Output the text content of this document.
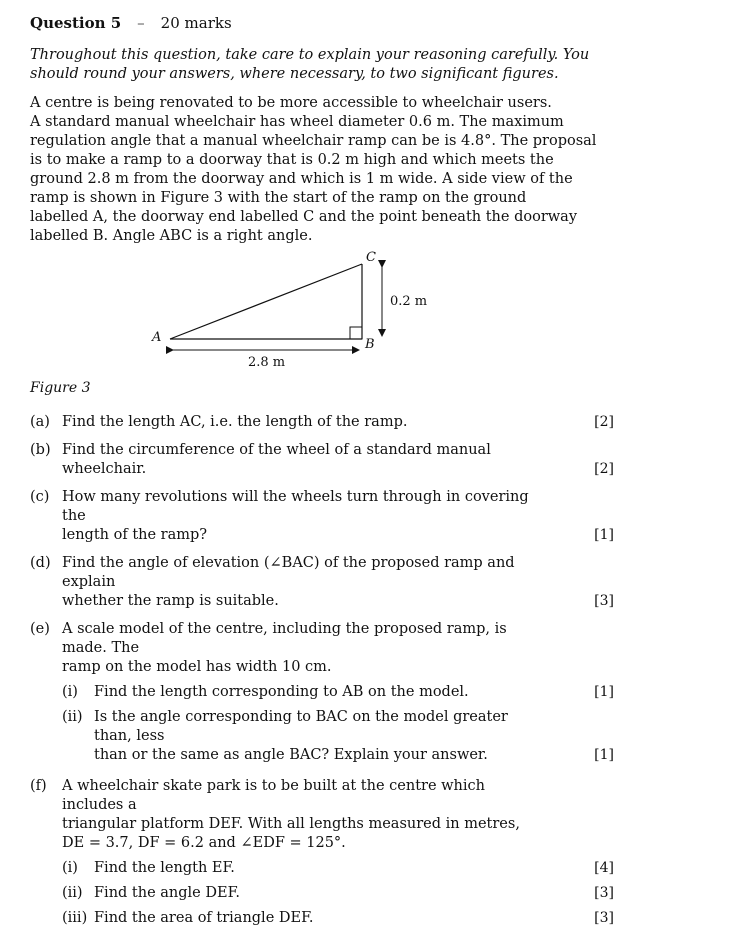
Question 5 – 20 marks
Throughout this question, take care to explain your reasoning carefully. You
should round your answers, where necessary, to two significant figures.
A centre is being renovated to be more accessible to wheelchair users.
A standard manual wheelchair has wheel diameter 0.6 m. The maximum
regulation angle that a manual wheelchair ramp can be is 4.8°. The proposal
is to make a ramp to a doorway that is 0.2 m high and which meets the
ground 2.8 m from the doorway and which is 1 m wide. A side view of the
ramp is shown in Figure 3 with the start of the ramp on the ground
labelled A, the doorway end labelled C and the point beneath the doorway
labelled B. Angle ABC is a right angle.
A	B
C
0.2 m
2.8 m
Figure 3
(a) Find the length AC, i.e. the length of the ramp.	[2]
(b) Find the circumference of the wheel of a standard manual wheelchair.	[2]
(c) How many revolutions will the wheels turn through in covering the
length of the ramp?	[1]
(d) Find the angle of elevation (∠BAC) of the proposed ramp and explain
whether the ramp is suitable.	[3]
(e) A scale model of the centre, including the proposed ramp, is made. The
ramp on the model has width 10 cm.
(i)	Find the length corresponding to AB on the model.	[1]
(ii) Is the angle corresponding to BAC on the model greater than, less
than or the same as angle BAC? Explain your answer.	[1]
(f)	A wheelchair skate park is to be built at the centre which includes a
triangular platform DEF. With all lengths measured in metres,
DE = 3.7, DF = 6.2 and ∠EDF = 125°.
(i)	Find the length EF.	[4]
(ii) Find the angle DEF.	[3]
(iii) Find the area of triangle DEF.	[3]
